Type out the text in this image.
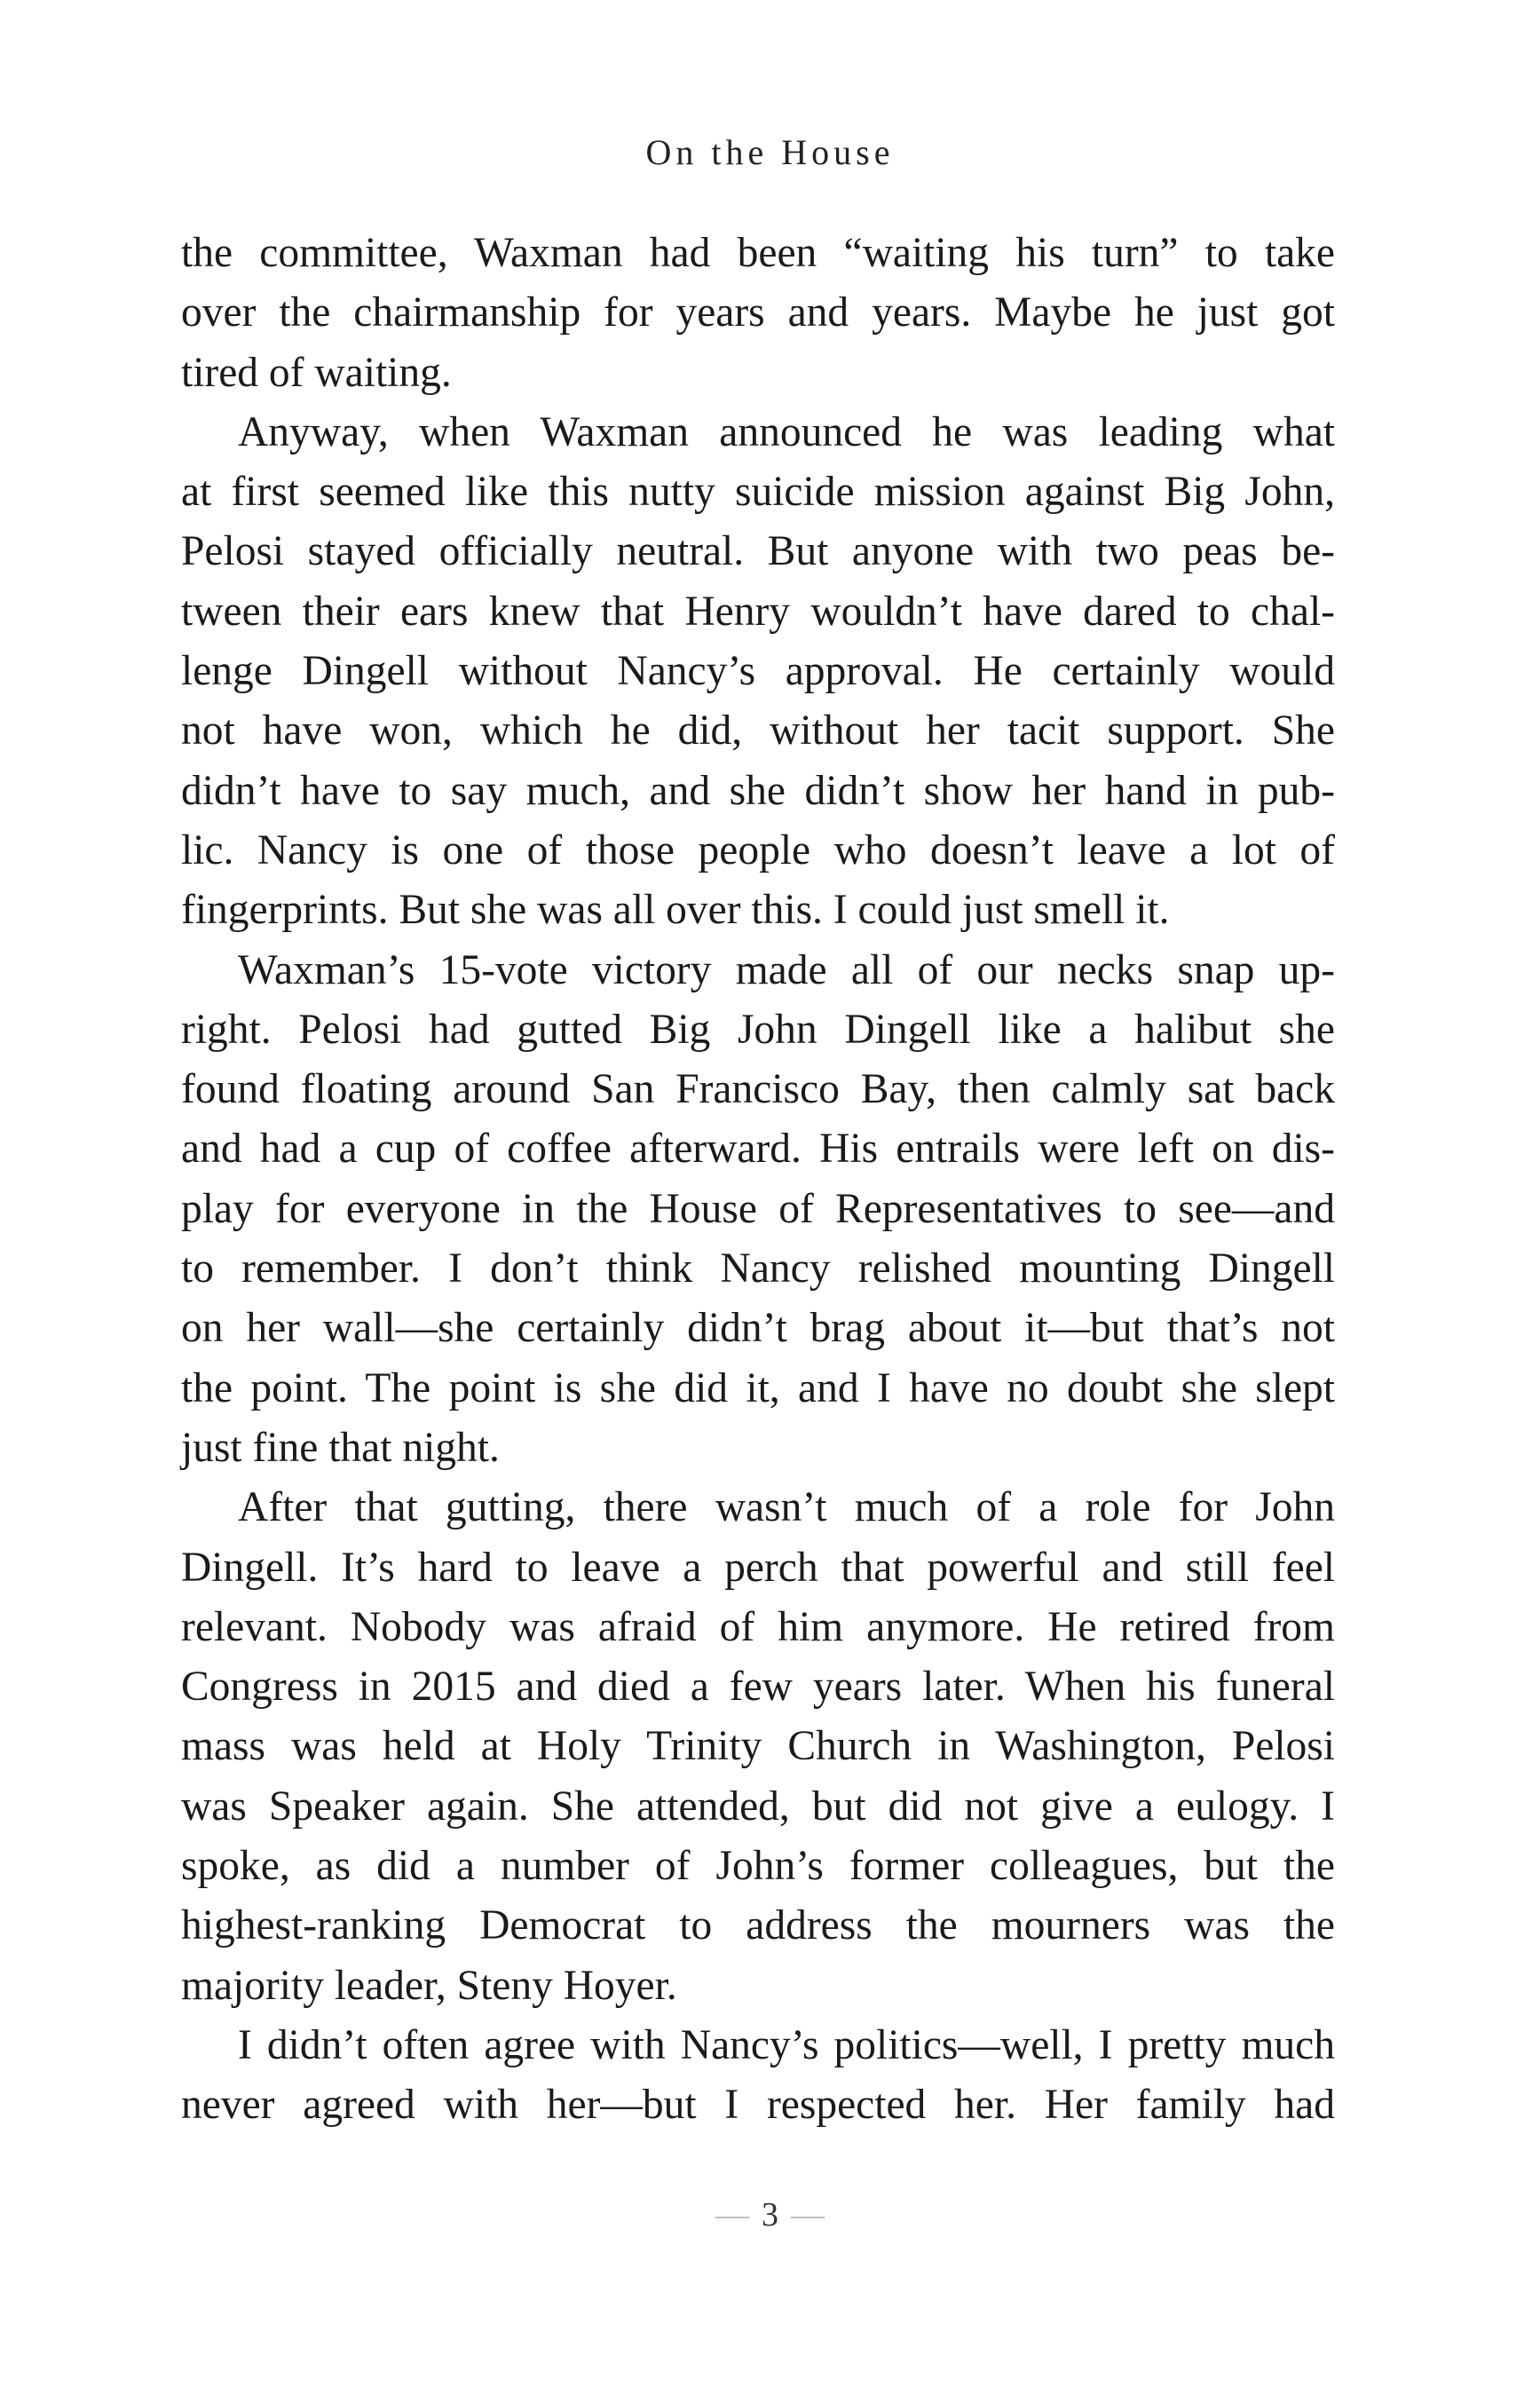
On the House
the committee, Waxman had been “waiting his turn” to take
over the chairmanship for years and years. Maybe he just got
tired of waiting.
Anyway, when Waxman announced he was leading what
at first seemed like this nutty suicide mission against Big John,
Pelosi stayed officially neutral. But anyone with two peas be-
tween their ears knew that Henry wouldn’t have dared to chal-
lenge Dingell without Nancy’s approval. He certainly would
not have won, which he did, without her tacit support. She
didn’t have to say much, and she didn’t show her hand in pub-
lic. Nancy is one of those people who doesn’t leave a lot of
fingerprints. But she was all over this. I could just smell it.
Waxman’s 15-vote victory made all of our necks snap up-
right. Pelosi had gutted Big John Dingell like a halibut she
found floating around San Francisco Bay, then calmly sat back
and had a cup of coffee afterward. His entrails were left on dis-
play for everyone in the House of Representatives to see—and
to remember. I don’t think Nancy relished mounting Dingell
on her wall—she certainly didn’t brag about it—but that’s not
the point. The point is she did it, and I have no doubt she slept
just fine that night.
After that gutting, there wasn’t much of a role for John
Dingell. It’s hard to leave a perch that powerful and still feel
relevant. Nobody was afraid of him anymore. He retired from
Congress in 2015 and died a few years later. When his funeral
mass was held at Holy Trinity Church in Washington, Pelosi
was Speaker again. She attended, but did not give a eulogy. I
spoke, as did a number of John’s former colleagues, but the
highest-ranking Democrat to address the mourners was the
majority leader, Steny Hoyer.
I didn’t often agree with Nancy’s politics—well, I pretty much
never agreed with her—but I respected her. Her family had
— 3 —
